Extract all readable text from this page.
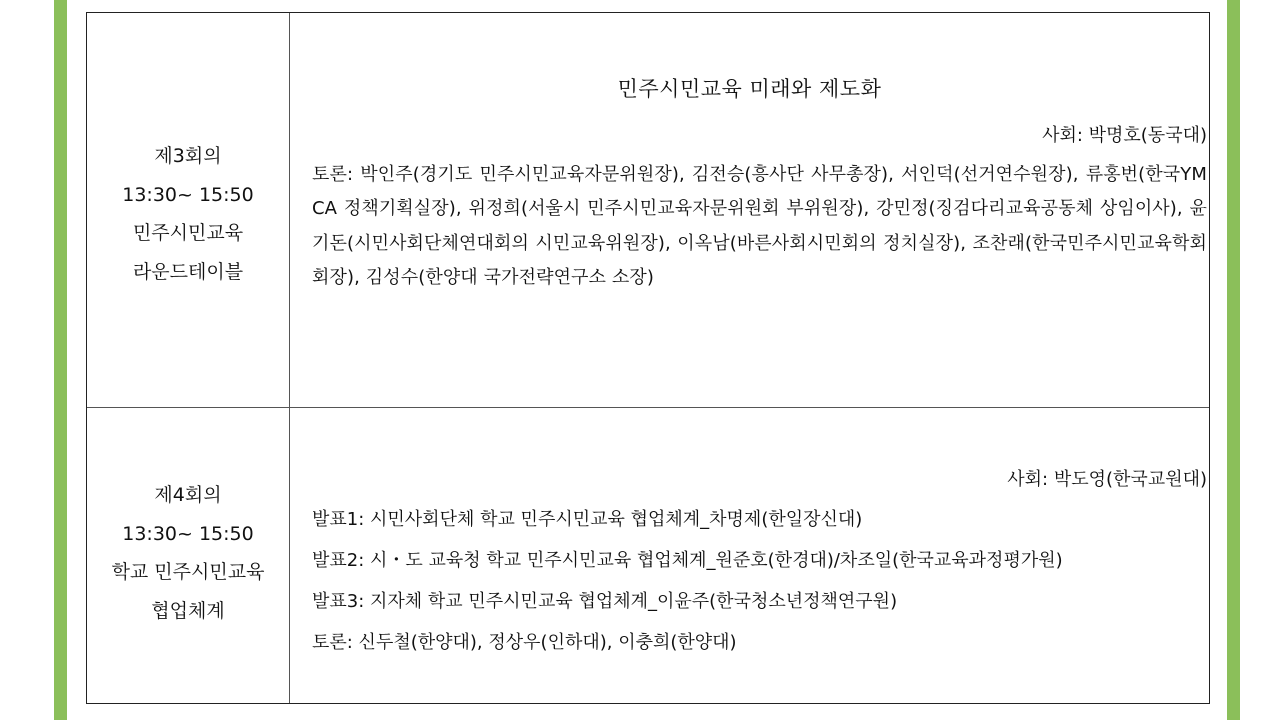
제3회의
13:30~ 15:50
민주시민교육
라운드테이블
민주시민교육 미래와 제도화
사회: 박명호(동국대)
토론: 박인주(경기도 민주시민교육자문위원장), 김전승(흥사단 사무총장), 서인덕(선거연수원장), 류홍번(한국YMCA 정책기획실장), 위정희(서울시 민주시민교육자문위원회 부위원장), 강민정(징검다리교육공동체 상임이사), 윤기돈(시민사회단체연대회의 시민교육위원장), 이옥남(바른사회시민회의 정치실장), 조찬래(한국민주시민교육학회 회장), 김성수(한양대 국가전략연구소 소장)
제4회의
13:30~ 15:50
학교 민주시민교육
협업체계
사회: 박도영(한국교원대)
발표1: 시민사회단체 학교 민주시민교육 협업체계_차명제(한일장신대)
발표2: 시・도 교육청 학교 민주시민교육 협업체계_원준호(한경대)/차조일(한국교육과정평가원)
발표3: 지자체 학교 민주시민교육 협업체계_이윤주(한국청소년정책연구원)
토론: 신두철(한양대), 정상우(인하대), 이충희(한양대)
